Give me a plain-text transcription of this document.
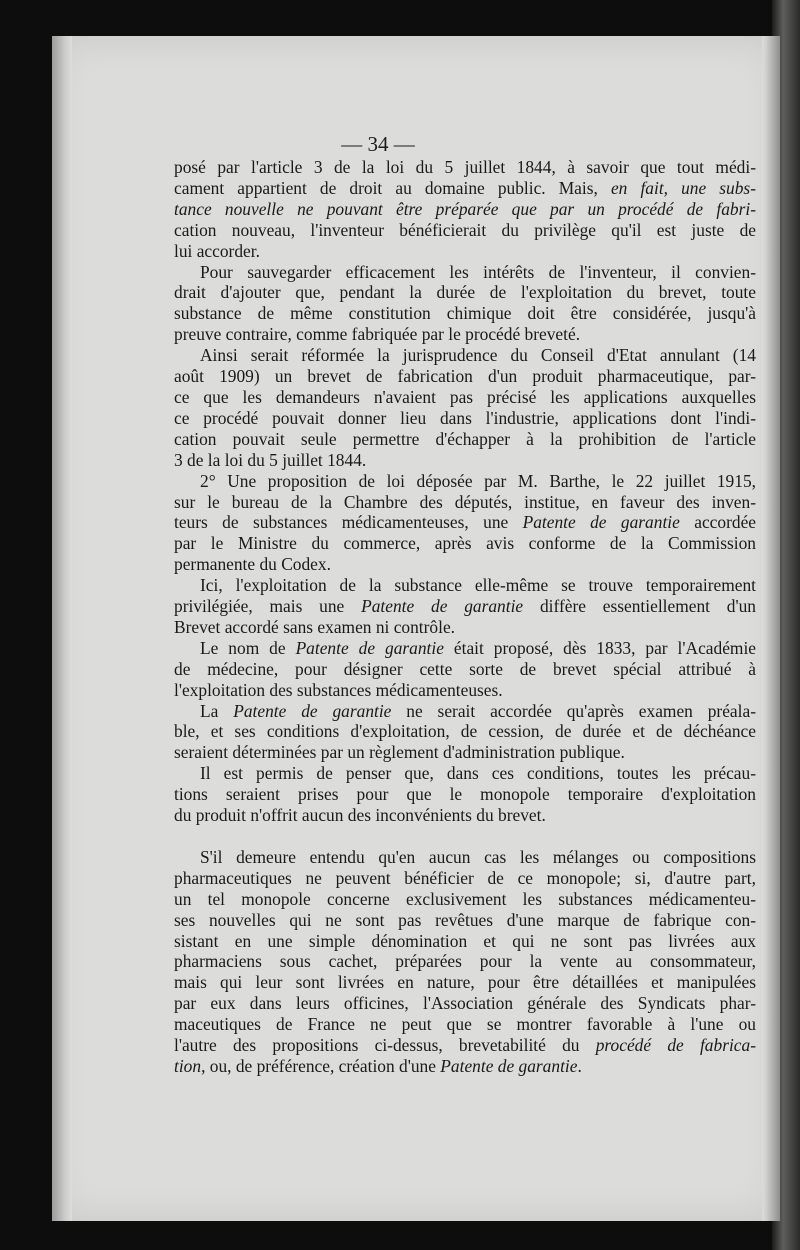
— 34 —
posé par l'article 3 de la loi du 5 juillet 1844, à savoir que tout médi-
cament appartient de droit au domaine public. Mais, en fait, une subs-
tance nouvelle ne pouvant être préparée que par un procédé de fabri-
cation nouveau, l'inventeur bénéficierait du privilège qu'il est juste de
lui accorder.
Pour sauvegarder efficacement les intérêts de l'inventeur, il convien-
drait d'ajouter que, pendant la durée de l'exploitation du brevet, toute
substance de même constitution chimique doit être considérée, jusqu'à
preuve contraire, comme fabriquée par le procédé breveté.
Ainsi serait réformée la jurisprudence du Conseil d'Etat annulant (14
août 1909) un brevet de fabrication d'un produit pharmaceutique, par-
ce que les demandeurs n'avaient pas précisé les applications auxquelles
ce procédé pouvait donner lieu dans l'industrie, applications dont l'indi-
cation pouvait seule permettre d'échapper à la prohibition de l'article
3 de la loi du 5 juillet 1844.
2° Une proposition de loi déposée par M. Barthe, le 22 juillet 1915,
sur le bureau de la Chambre des députés, institue, en faveur des inven-
teurs de substances médicamenteuses, une Patente de garantie accordée
par le Ministre du commerce, après avis conforme de la Commission
permanente du Codex.
Ici, l'exploitation de la substance elle-même se trouve temporairement
privilégiée, mais une Patente de garantie diffère essentiellement d'un
Brevet accordé sans examen ni contrôle.
Le nom de Patente de garantie était proposé, dès 1833, par l'Académie
de médecine, pour désigner cette sorte de brevet spécial attribué à
l'exploitation des substances médicamenteuses.
La Patente de garantie ne serait accordée qu'après examen préala-
ble, et ses conditions d'exploitation, de cession, de durée et de déchéance
seraient déterminées par un règlement d'administration publique.
Il est permis de penser que, dans ces conditions, toutes les précau-
tions seraient prises pour que le monopole temporaire d'exploitation
du produit n'offrit aucun des inconvénients du brevet.
S'il demeure entendu qu'en aucun cas les mélanges ou compositions
pharmaceutiques ne peuvent bénéficier de ce monopole; si, d'autre part,
un tel monopole concerne exclusivement les substances médicamenteu-
ses nouvelles qui ne sont pas revêtues d'une marque de fabrique con-
sistant en une simple dénomination et qui ne sont pas livrées aux
pharmaciens sous cachet, préparées pour la vente au consommateur,
mais qui leur sont livrées en nature, pour être détaillées et manipulées
par eux dans leurs officines, l'Association générale des Syndicats phar-
maceutiques de France ne peut que se montrer favorable à l'une ou
l'autre des propositions ci-dessus, brevetabilité du procédé de fabrica-
tion, ou, de préférence, création d'une Patente de garantie.
